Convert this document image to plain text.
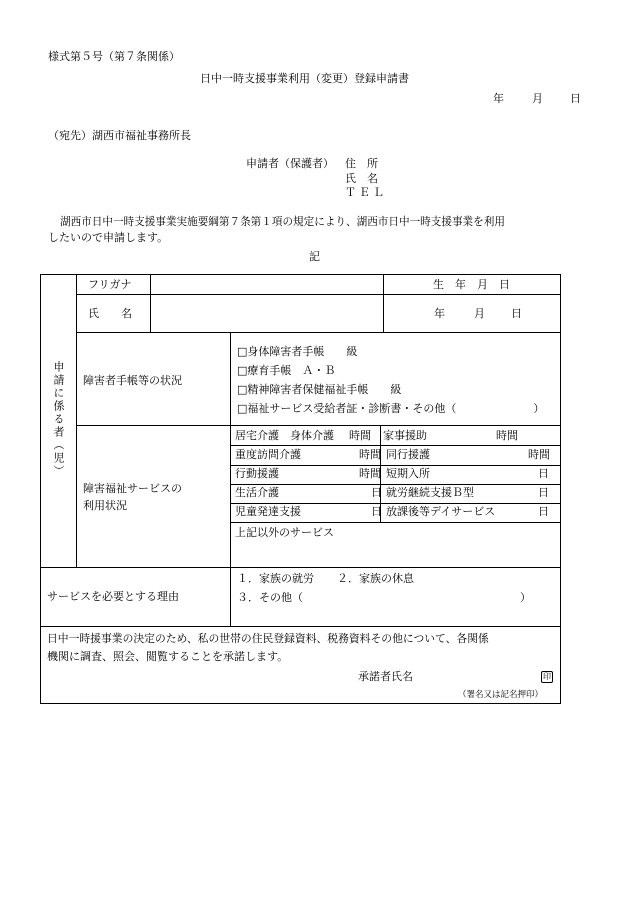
様式第５号（第７条関係）
日中一時支援事業利用（変更）登録申請書
年	月 日
（宛先）湖西市福祉事務所長
申請者（保護者） 住　所
氏　名
ＴＥＬ
湖西市日中一時支援事業実施要綱第７条第１項の規定により、湖西市日中一時支援事業を利用
したいので申請します。
記
申請に係る者（児）
フリガナ	生　年　月　日
氏　　名	年	月 日
障害者手帳等の状況
□身体障害者手帳　　級
□療育手帳　Ａ・Ｂ
□精神障害者保健福祉手帳　　級
□福祉サービス受給者証・診断書・その他（　　　　　　　）
障害福祉サービスの
利用状況
居宅介護　身体介護 時間 家事援助	時間
重度訪問介護	時間 同行援護	時間
行動援護	時間 短期入所	日
生活介護	日 就労継続支援Ｂ型	日
児童発達支援	日 放課後等デイサービス	日
上記以外のサービス
サービスを必要とする理由
１．家族の就労 ２．家族の休息
３．その他（	）
日中一時援事業の決定のため、私の世帯の住民登録資料、税務資料その他について、各関係
機関に調査、照会、閲覧することを承諾します。
承諾者氏名	印
（署名又は記名押印）
